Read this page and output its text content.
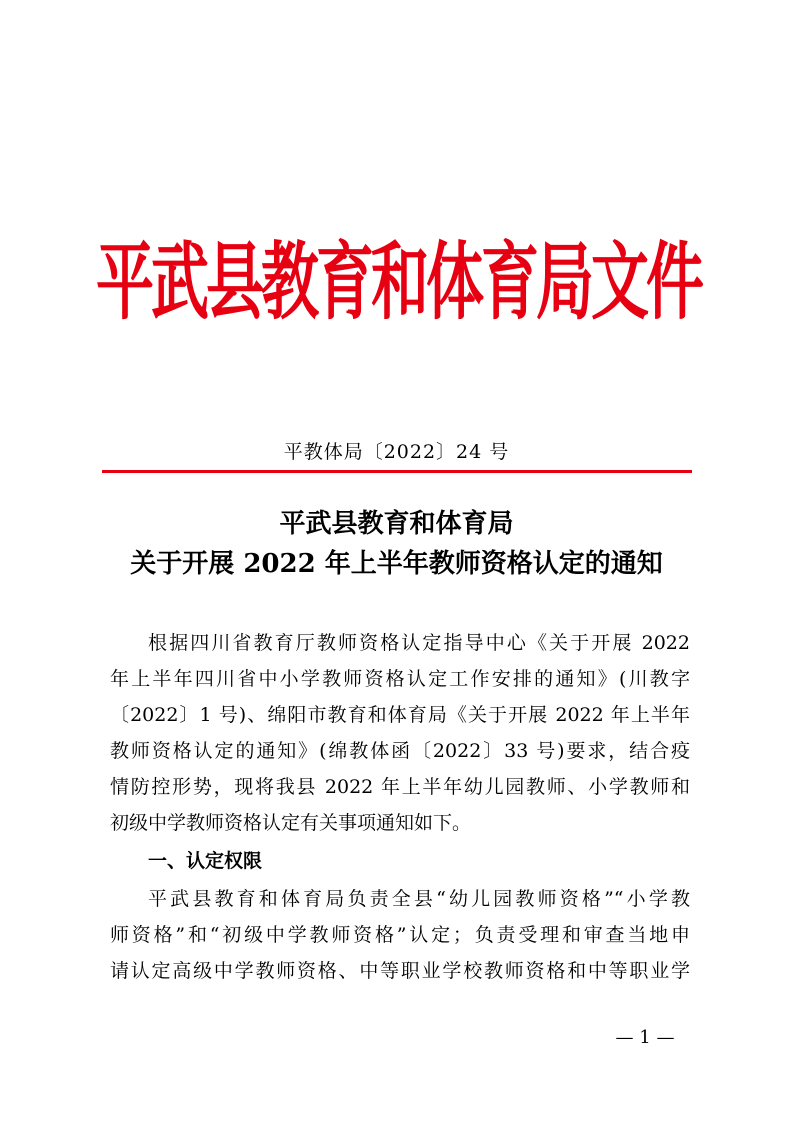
平武县教育和体育局文件
平教体局〔2022〕24 号
平武县教育和体育局
关于开展 2022 年上半年教师资格认定的通知
根据四川省教育厅教师资格认定指导中心《关于开展 2022
年上半年四川省中小学教师资格认定工作安排的通知》(川教字
〔2022〕1 号)、绵阳市教育和体育局《关于开展 2022 年上半年
教师资格认定的通知》(绵教体函〔2022〕33 号)要求，结合疫
情防控形势，现将我县 2022 年上半年幼儿园教师、小学教师和
初级中学教师资格认定有关事项通知如下。
一、认定权限
平武县教育和体育局负责全县“幼儿园教师资格”“小学教
师资格”和“初级中学教师资格”认定；负责受理和审查当地申
请认定高级中学教师资格、中等职业学校教师资格和中等职业学
— 1 —
